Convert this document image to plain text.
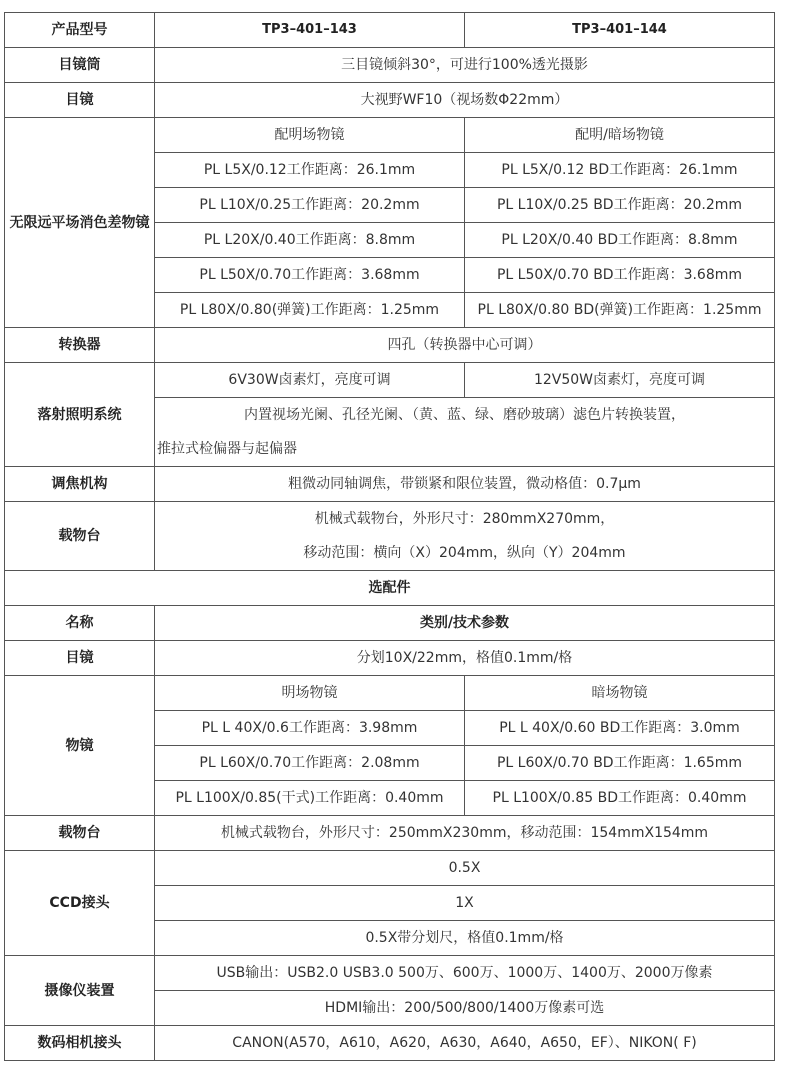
产品型号	TP3–401–143	TP3–401–144
目镜筒	三目镜倾斜30°，可进行100%透光摄影	
目镜	大视野WF10（视场数Φ22mm）	
无限远平场消色差物镜	配明场物镜	配明/暗场物镜
	PL L5X/0.12工作距离：26.1mm	PL L5X/0.12 BD工作距离：26.1mm
	PL L10X/0.25工作距离：20.2mm	PL L10X/0.25 BD工作距离：20.2mm
	PL L20X/0.40工作距离：8.8mm	PL L20X/0.40 BD工作距离：8.8mm
	PL L50X/0.70工作距离：3.68mm	PL L50X/0.70 BD工作距离：3.68mm
	PL L80X/0.80(弹簧)工作距离：1.25mm	PL L80X/0.80 BD(弹簧)工作距离：1.25mm
转换器	四孔（转换器中心可调）	
落射照明系统	6V30W卤素灯，亮度可调	12V50W卤素灯，亮度可调

	内置视场光阑、孔径光阑、（黄、蓝、绿、磨砂玻璃）滤色片转换装置，
推拉式检偏器与起偏器	

调焦机构	粗微动同轴调焦，带锁紧和限位装置，微动格值：0.7μm	
载物台	机械式载物台，外形尺寸：280mmX270mm，
移动范围：横向（X）204mm，纵向（Y）204mm	

选配件		
名称	类别/技术参数	
目镜	分划10X/22mm，格值0.1mm/格	
物镜	明场物镜	暗场物镜
	PL L 40X/0.6工作距离：3.98mm	PL L 40X/0.60 BD工作距离：3.0mm
	PL L60X/0.70工作距离：2.08mm	PL L60X/0.70 BD工作距离：1.65mm
	PL L100X/0.85(干式)工作距离：0.40mm	PL L100X/0.85 BD工作距离：0.40mm
载物台	机械式载物台，外形尺寸：250mmX230mm，移动范围：154mmX154mm	
CCD接头	0.5X	
	1X	
	0.5X带分划尺，格值0.1mm/格	
摄像仪装置	USB输出：USB2.0 USB3.0 500万、600万、1000万、1400万、2000万像素	
	HDMI输出：200/500/800/1400万像素可选	
数码相机接头	CANON(A570，A610，A620，A630，A640，A650，EF）、NIKON( F)	
